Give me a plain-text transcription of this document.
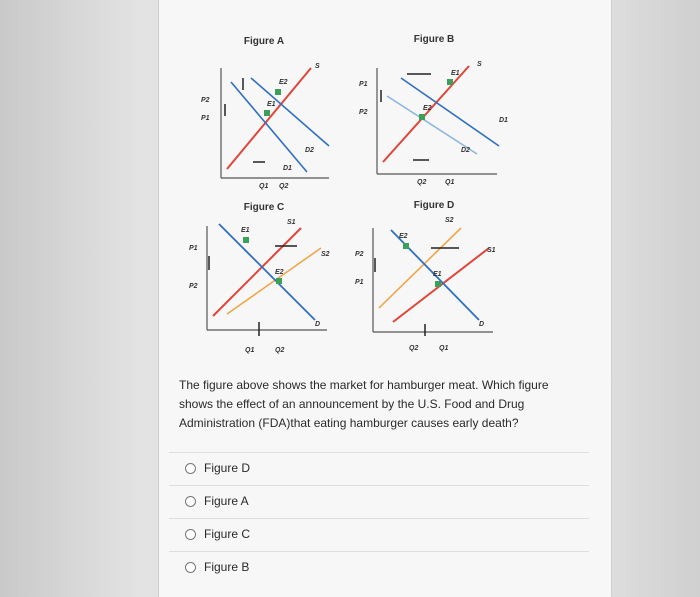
Figure A
S
E1
E2
D1
D2
P2
P1
Q1 Q2
Figure B
S
E2
E1
D1
D2
P1
P2
Q2	Q1
Figure C
S1
S2
D
E1
E2
P1
P2
Q1	Q2
Figure D
S2
S1
D
E2
E1
P2
P1
Q2	Q1
The figure above shows the market for hamburger meat. Which figure shows the effect of an announcement by the U.S. Food and Drug Administration (FDA)that eating hamburger causes early death?
Figure D
Figure A
Figure C
Figure B
